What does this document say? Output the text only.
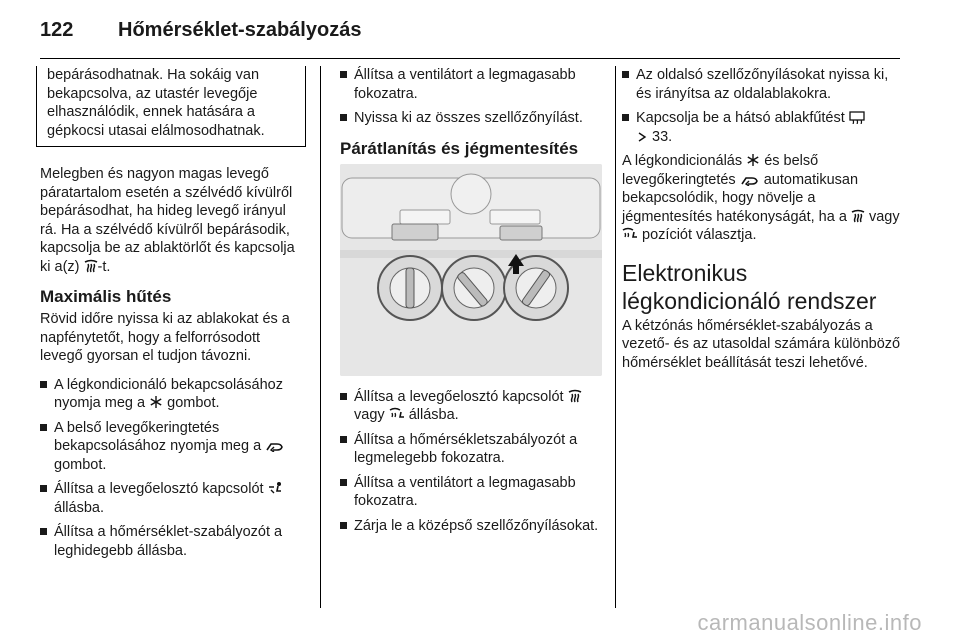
122	Hőmérséklet-szabályozás
bepárásodhatnak. Ha sokáig van bekapcsolva, az utastér levegője elhasználódik, ennek hatására a gépkocsi utasai elálmosodhatnak.

Melegben és nagyon magas levegő páratartalom esetén a szélvédő kívülről bepárásodhat, ha hideg levegő irányul rá. Ha a szélvédő kívülről bepárásodik, kapcsolja be az ablaktörlőt és kapcsolja ki a(z) -t.

Maximális hűtés

Rövid időre nyissa ki az ablakokat és a napfénytetőt, hogy a felforrósodott levegő gyorsan el tudjon távozni.

A légkondicionáló bekapcsolásához nyomja meg a gombot.
A belső levegőkeringtetés bekapcsolásához nyomja meg a  gombot.
Állítsa a levegőelosztó kapcsolót  állásba.
Állítsa a hőmérséklet-szabályozót a leghidegebb állásba.
Állítsa a ventilátort a legmagasabb fokozatra.
Nyissa ki az összes szellőzőnyílást.
Párátlanítás és jégmentesítés
Állítsa a levegőelosztó kapcsolót  vagy állásba.
Állítsa a hőmérsékletszabályozót a legmelegebb fokozatra.
Állítsa a ventilátort a legmagasabb fokozatra.
Zárja le a középső szellőzőnyílásokat.
Az oldalsó szellőzőnyílásokat nyissa ki, és irányítsa az oldalablakokra.
Kapcsolja be a hátsó ablakfűtést
33.

A légkondicionálás és belső levegőkeringtetés automatikusan bekapcsolódik, hogy növelje a jégmentesítés hatékonyságát, ha a vagy  pozíciót választja.

Elektronikus légkondicionáló rendszer

A kétzónás hőmérséklet-szabályozás a vezető- és az utasoldal számára különböző hőmérséklet beállítását teszi lehetővé.

carmanualsonline.info
